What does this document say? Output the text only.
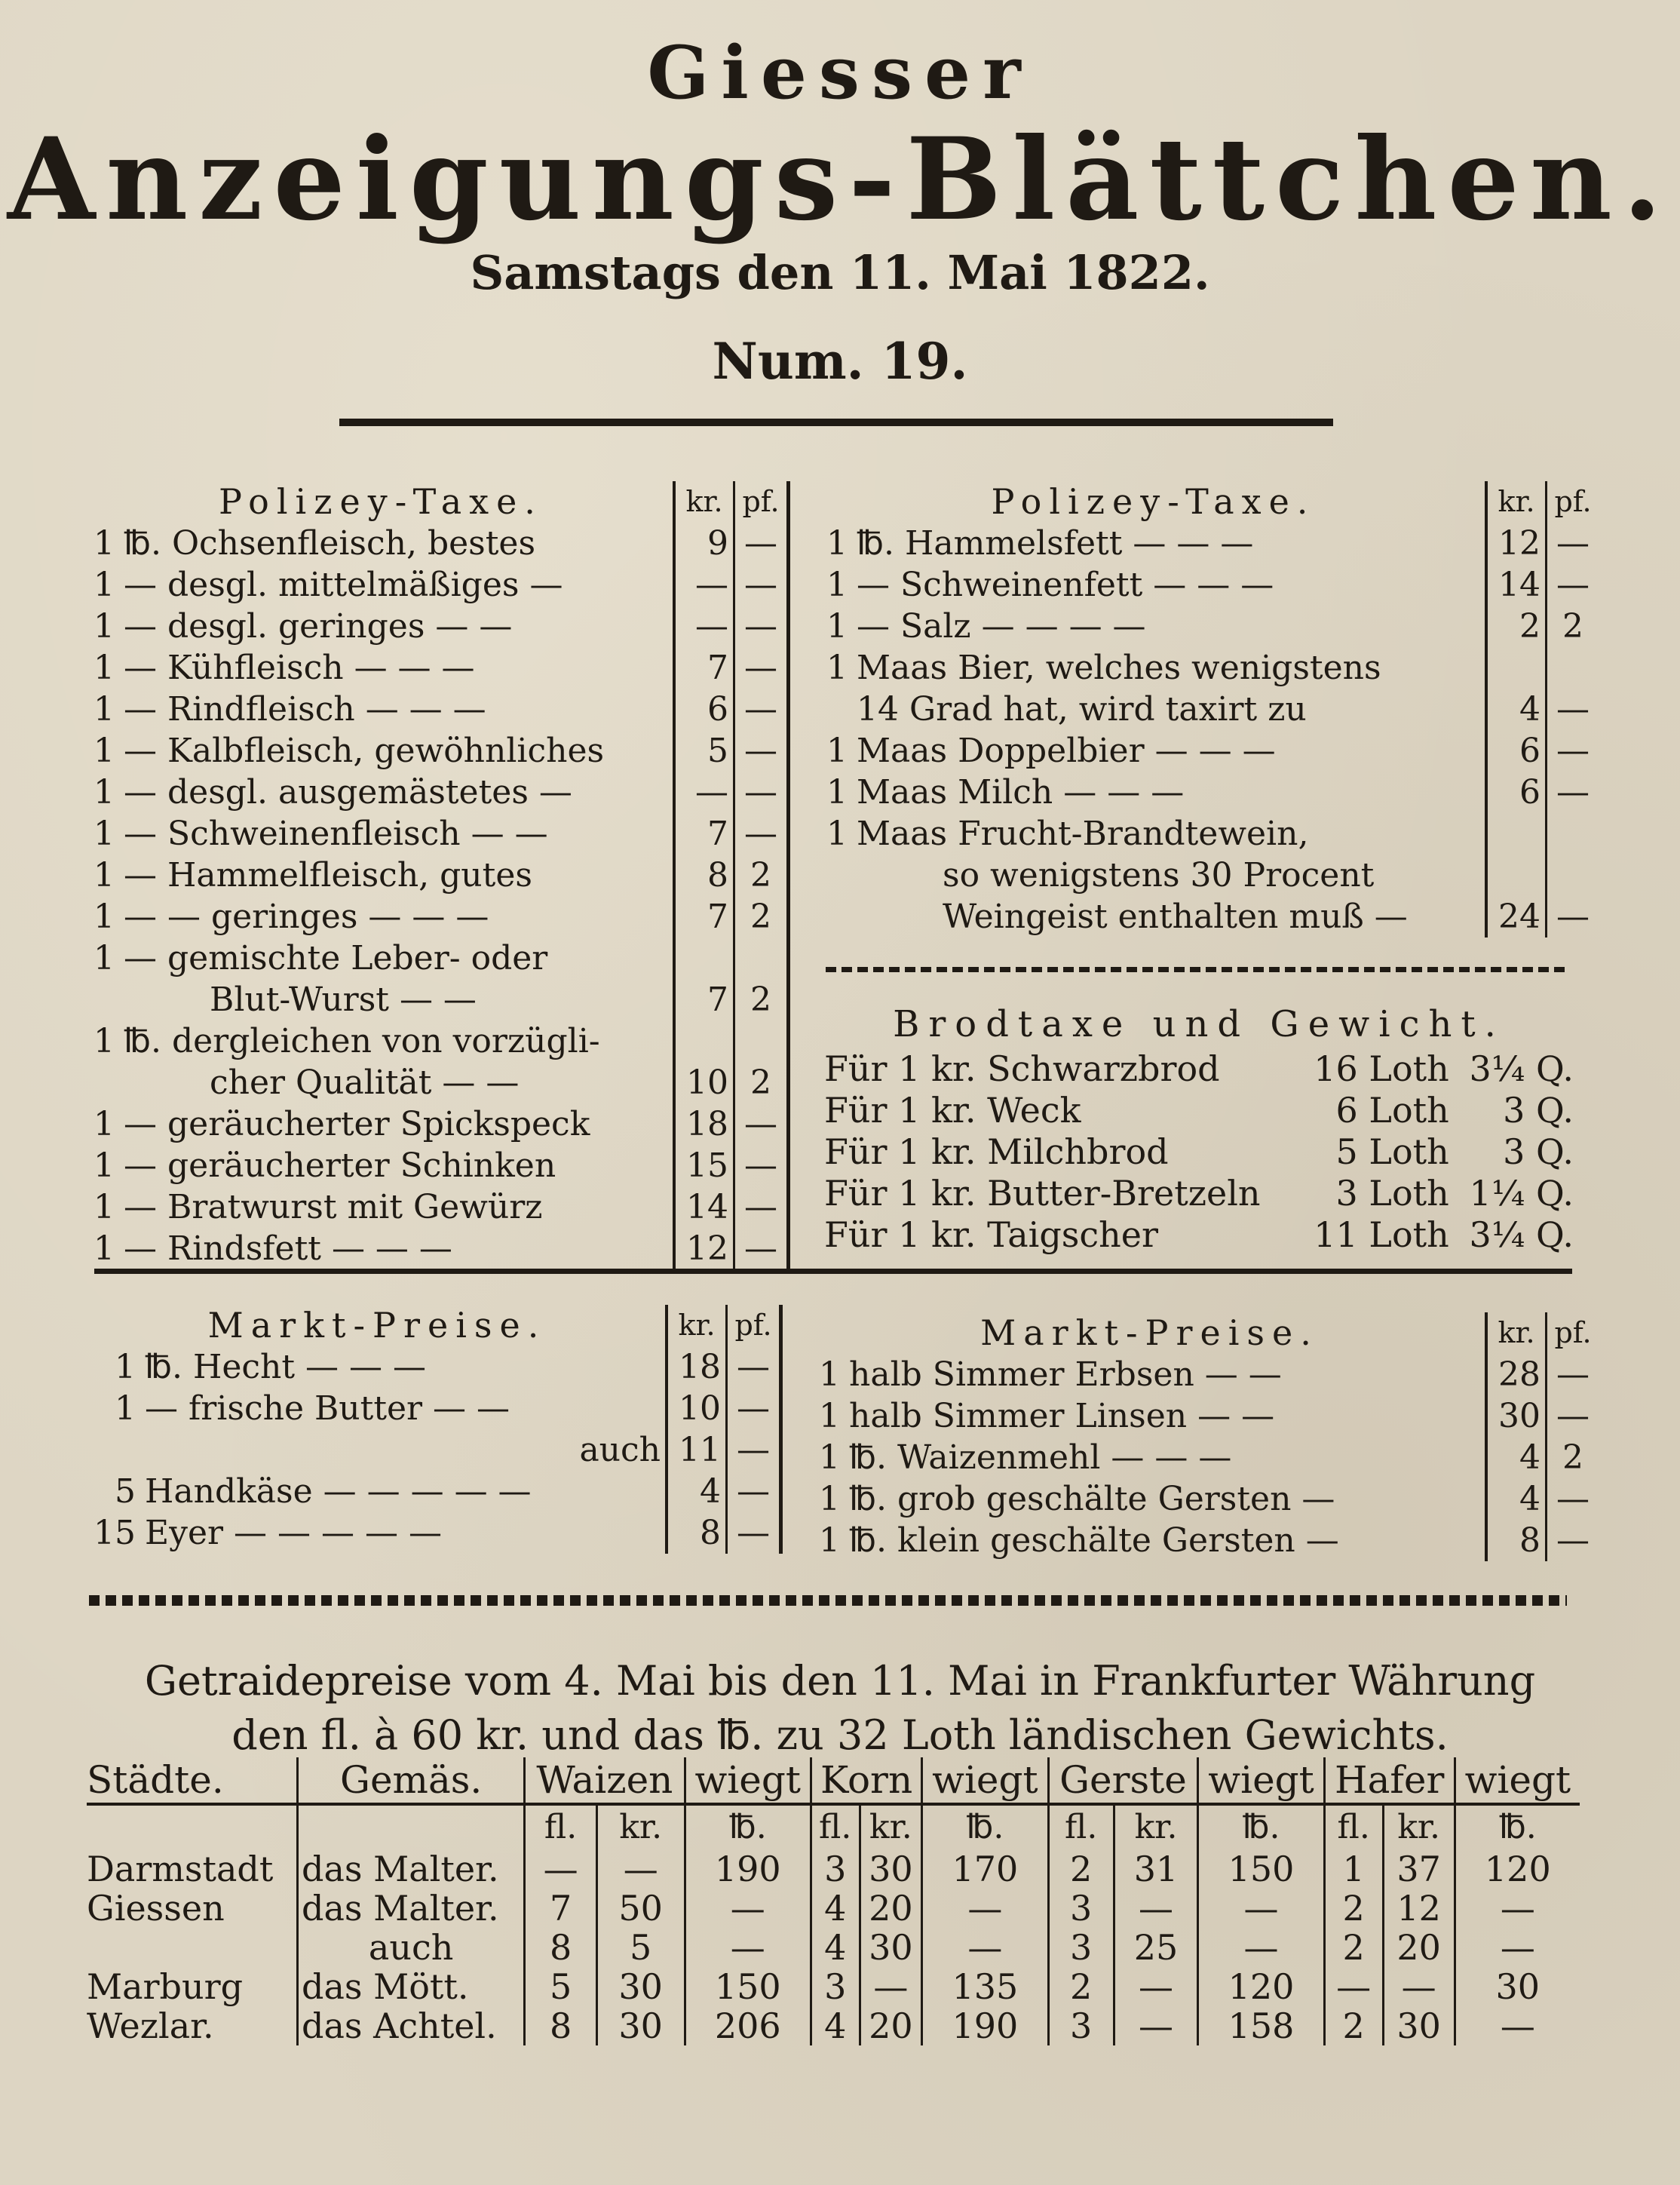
Giesser
Anzeigungs-Blättchen.
Samstags den 11. Mai 1822.
Num. 19.
Polizey-Taxe.		kr.	pf.
1	℔. Ochsenfleisch, bestes	9	—
1	— desgl. mittelmäßiges —	—	—
1	— desgl. geringes — —	—	—
1	— Kühfleisch — — —	7	—
1	— Rindfleisch — — —	6	—
1	— Kalbfleisch, gewöhnliches	5	—
1	— desgl. ausgemästetes —	—	—
1	— Schweinenfleisch — —	7	—
1	— Hammelfleisch, gutes	8	2
1	— — geringes — — —	7	2
1	— gemischte Leber- oder		
	Blut-Wurst — —	7	2
1	℔. dergleichen von vorzügli-		
	cher Qualität — —	10	2
1	— geräucherter Spickspeck	18	—
1	— geräucherter Schinken	15	—
1	— Bratwurst mit Gewürz	14	—
1	— Rindsfett — — —	12	—
Polizey-Taxe.		kr.	pf.
1	℔. Hammelsfett — — —	12	—
1	— Schweinenfett — — —	14	—
1	— Salz — — — —	2	2
1	Maas Bier, welches wenigstens		
	14 Grad hat, wird taxirt zu	4	—
1	Maas Doppelbier — — —	6	—
1	Maas Milch — — —	6	—
1	Maas Frucht-Brandtewein,		
	so wenigstens 30 Procent		
	Weingeist enthalten muß —	24	—
Brodtaxe und Gewicht.
Für 1 kr. Schwarzbrod	16 Loth	3¼ Q.
Für 1 kr. Weck	6 Loth	3 Q.
Für 1 kr. Milchbrod	5 Loth	3 Q.
Für 1 kr. Butter-Bretzeln	3 Loth	1¼ Q.
Für 1 kr. Taigscher	11 Loth	3¼ Q.
Markt-Preise.		kr.	pf.
1	℔. Hecht — — —	18	—
1	— frische Butter — —	10	—
	auch	11	—
5	Handkäse — — — — —	4	—
15	Eyer — — — — —	8	—
Markt-Preise.		kr.	pf.
1	halb Simmer Erbsen — —	28	—
1	halb Simmer Linsen — —	30	—
1	℔. Waizenmehl — — —	4	2
1	℔. grob geschälte Gersten —	4	—
1	℔. klein geschälte Gersten —	8	—
Getraidepreise vom 4. Mai bis den 11. Mai in Frankfurter Währung
den fl. à 60 kr. und das ℔. zu 32 Loth ländischen Gewichts.
Städte.	Gemäs.	Waizen		wiegt	Korn		wiegt	Gerste		wiegt	Hafer		wiegt
		fl.	kr.	℔.	fl.	kr.	℔.	fl.	kr.	℔.	fl.	kr.	℔.
Darmstadt	das Malter.	—	—	190	3	30	170	2	31	150	1	37	120
Giessen	das Malter.	7	50	—	4	20	—	3	—	—	2	12	—
	auch	8	5	—	4	30	—	3	25	—	2	20	—
Marburg	das Mött.	5	30	150	3	—	135	2	—	120	—	—	30
Wezlar.	das Achtel.	8	30	206	4	20	190	3	—	158	2	30	—
